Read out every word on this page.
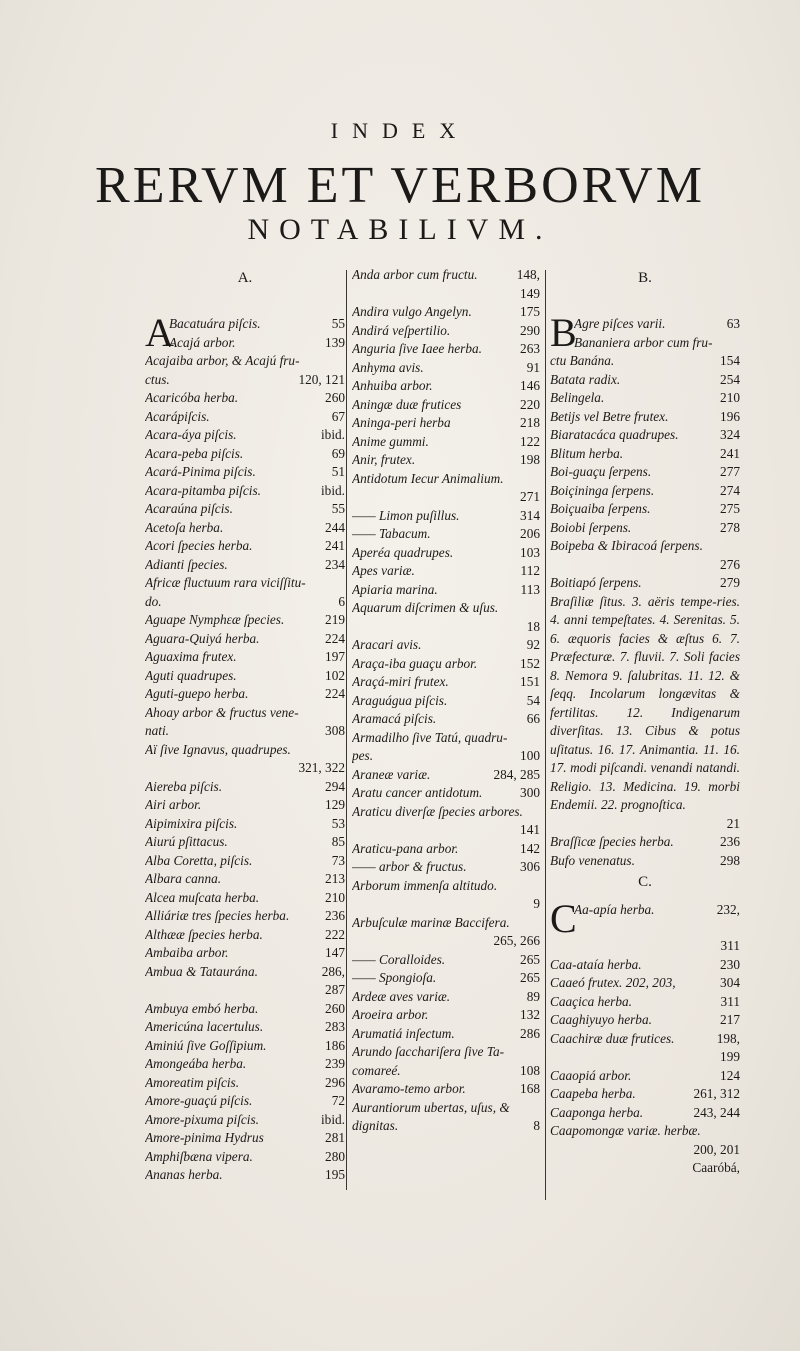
INDEX
RERVM ET VERBORVM
NOTABILIVM.
A.
A
Bacatuára piſcis.	55
Acajá arbor.	139
Acajaiba arbor, & Acajú fru-
ctus.	120, 121
Acaricóba herba.	260
Acarápiſcis.	67
Acara-áya piſcis.	ibid.
Acara-peba piſcis.	69
Acará-Pinima piſcis.	51
Acara-pitamba piſcis.	ibid.
Acaraúna piſcis.	55
Acetoſa herba.	244
Acori ſpecies herba.	241
Adianti ſpecies.	234
Africæ fluctuum rara viciſſitu-
do.	6
Aguape Nymphεæ ſpecies.	219
Aguara-Quiyá herba.	224
Aguaxima frutex.	197
Aguti quadrupes.	102
Aguti-guepo herba.	224
Ahoay arbor & fructus vene-
nati.	308
Aï ſive Ignavus, quadrupes.
321, 322
Aiereba piſcis.	294
Airi arbor.	129
Aipimixira piſcis.	53
Aiurú pſittacus.	85
Alba Coretta, piſcis.	73
Albara canna.	213
Alcea muſcata herba.	210
Alliáriæ tres ſpecies herba.	236
Althææ ſpecies herba.	222
Ambaiba arbor.	147
Ambua & Tataurána.	286,
287
Ambuya embó herba.	260
Americúna lacertulus.	283
Aminiú ſive Goſſipium.	186
Amongeába herba.	239
Amoreatim piſcis.	296
Amore-guaçú piſcis.	72
Amore-pixuma piſcis.	ibid.
Amore-pinima Hydrus	281
Amphiſbæna vipera.	280
Ananas herba.	195
Anda arbor cum fructu.	148,
149
Andira vulgo Angelyn.	175
Andirá veſpertilio.	290
Anguria ſive Iaee herba.	263
Anhyma avis.	91
Anhuiba arbor.	146
Aningæ duæ frutices	220
Aninga-peri herba	218
Anime gummi.	122
Anir, frutex.	198
Antidotum Iecur Animalium.
271
—— Limon puſillus.	314
—— Tabacum.	206
Aperéa quadrupes.	103
Apes variæ.	112
Apiaria marina.	113
Aquarum diſcrimen & uſus.
18
Aracari avis.	92
Araça-iba guaçu arbor.	152
Araçá-miri frutex.	151
Araguágua piſcis.	54
Aramacá piſcis.	66
Armadilho ſive Tatú, quadru-
pes.	100
Araneæ variæ.	284, 285
Aratu cancer antidotum.	300
Araticu diverſæ ſpecies arbores.
141
Araticu-pana arbor.	142
—— arbor & fructus.	306
Arborum immenſa altitudo.
9
Arbuſculæ marinæ Baccifera.
265, 266
—— Coralloides.	265
—— Spongioſa.	265
Ardeæ aves variæ.	89
Aroeira arbor.	132
Arumatiá inſectum.	286
Arundo ſacchariſera ſive Ta-
comareé.	108
Avaramo-temo arbor.	168
Aurantiorum ubertas, uſus, &
dignitas.	8
B.
B
Agre piſces varii.	63
Bananiera arbor cum fru-
ctu Banána.	154
Batata radix.	254
Belingela.	210
Betijs vel Betre frutex.	196
Biaratacáca quadrupes.	324
Blitum herba.	241
Boi-guaçu ſerpens.	277
Boiçininga ſerpens.	274
Boiçuaiba ſerpens.	275
Boiobi ſerpens.	278
Boipeba & Ibiracoá ſerpens.
276
Boitiapó ſerpens.	279
Braſiliæ ſitus. 3. aëris tempe-ries. 4. anni tempeſtates. 4. Serenitas. 5. 6. æquoris facies & æſtus 6. 7. Præfecturæ. 7. fluvii. 7. Soli facies 8. Nemora 9. ſalubritas. 11. 12. & ſeqq. Incolarum longævitas & fertilitas. 12. Indigenarum diverſitas. 13. Cibus & potus uſitatus. 16. 17. Animantia. 11. 16. 17. modi piſcandi. venandi natandi. Religio. 13. Medicina. 19. morbi Endemii. 22. prognoſtica.
21
Braſſicæ ſpecies herba.	236
Bufo venenatus.	298
C.
C
Aa-apía herba.	232,
311
Caa-ataía herba.	230
Caaeó frutex. 202, 203,	304
Caaçica herba.	311
Caaghiyuyo herba.	217
Caachiræ duæ frutices.	198,
199
Caaopiá arbor.	124
Caapeba herba.	261, 312
Caaponga herba.	243, 244
Caapomongæ variæ. herbæ.
200, 201
Caaróbá,
